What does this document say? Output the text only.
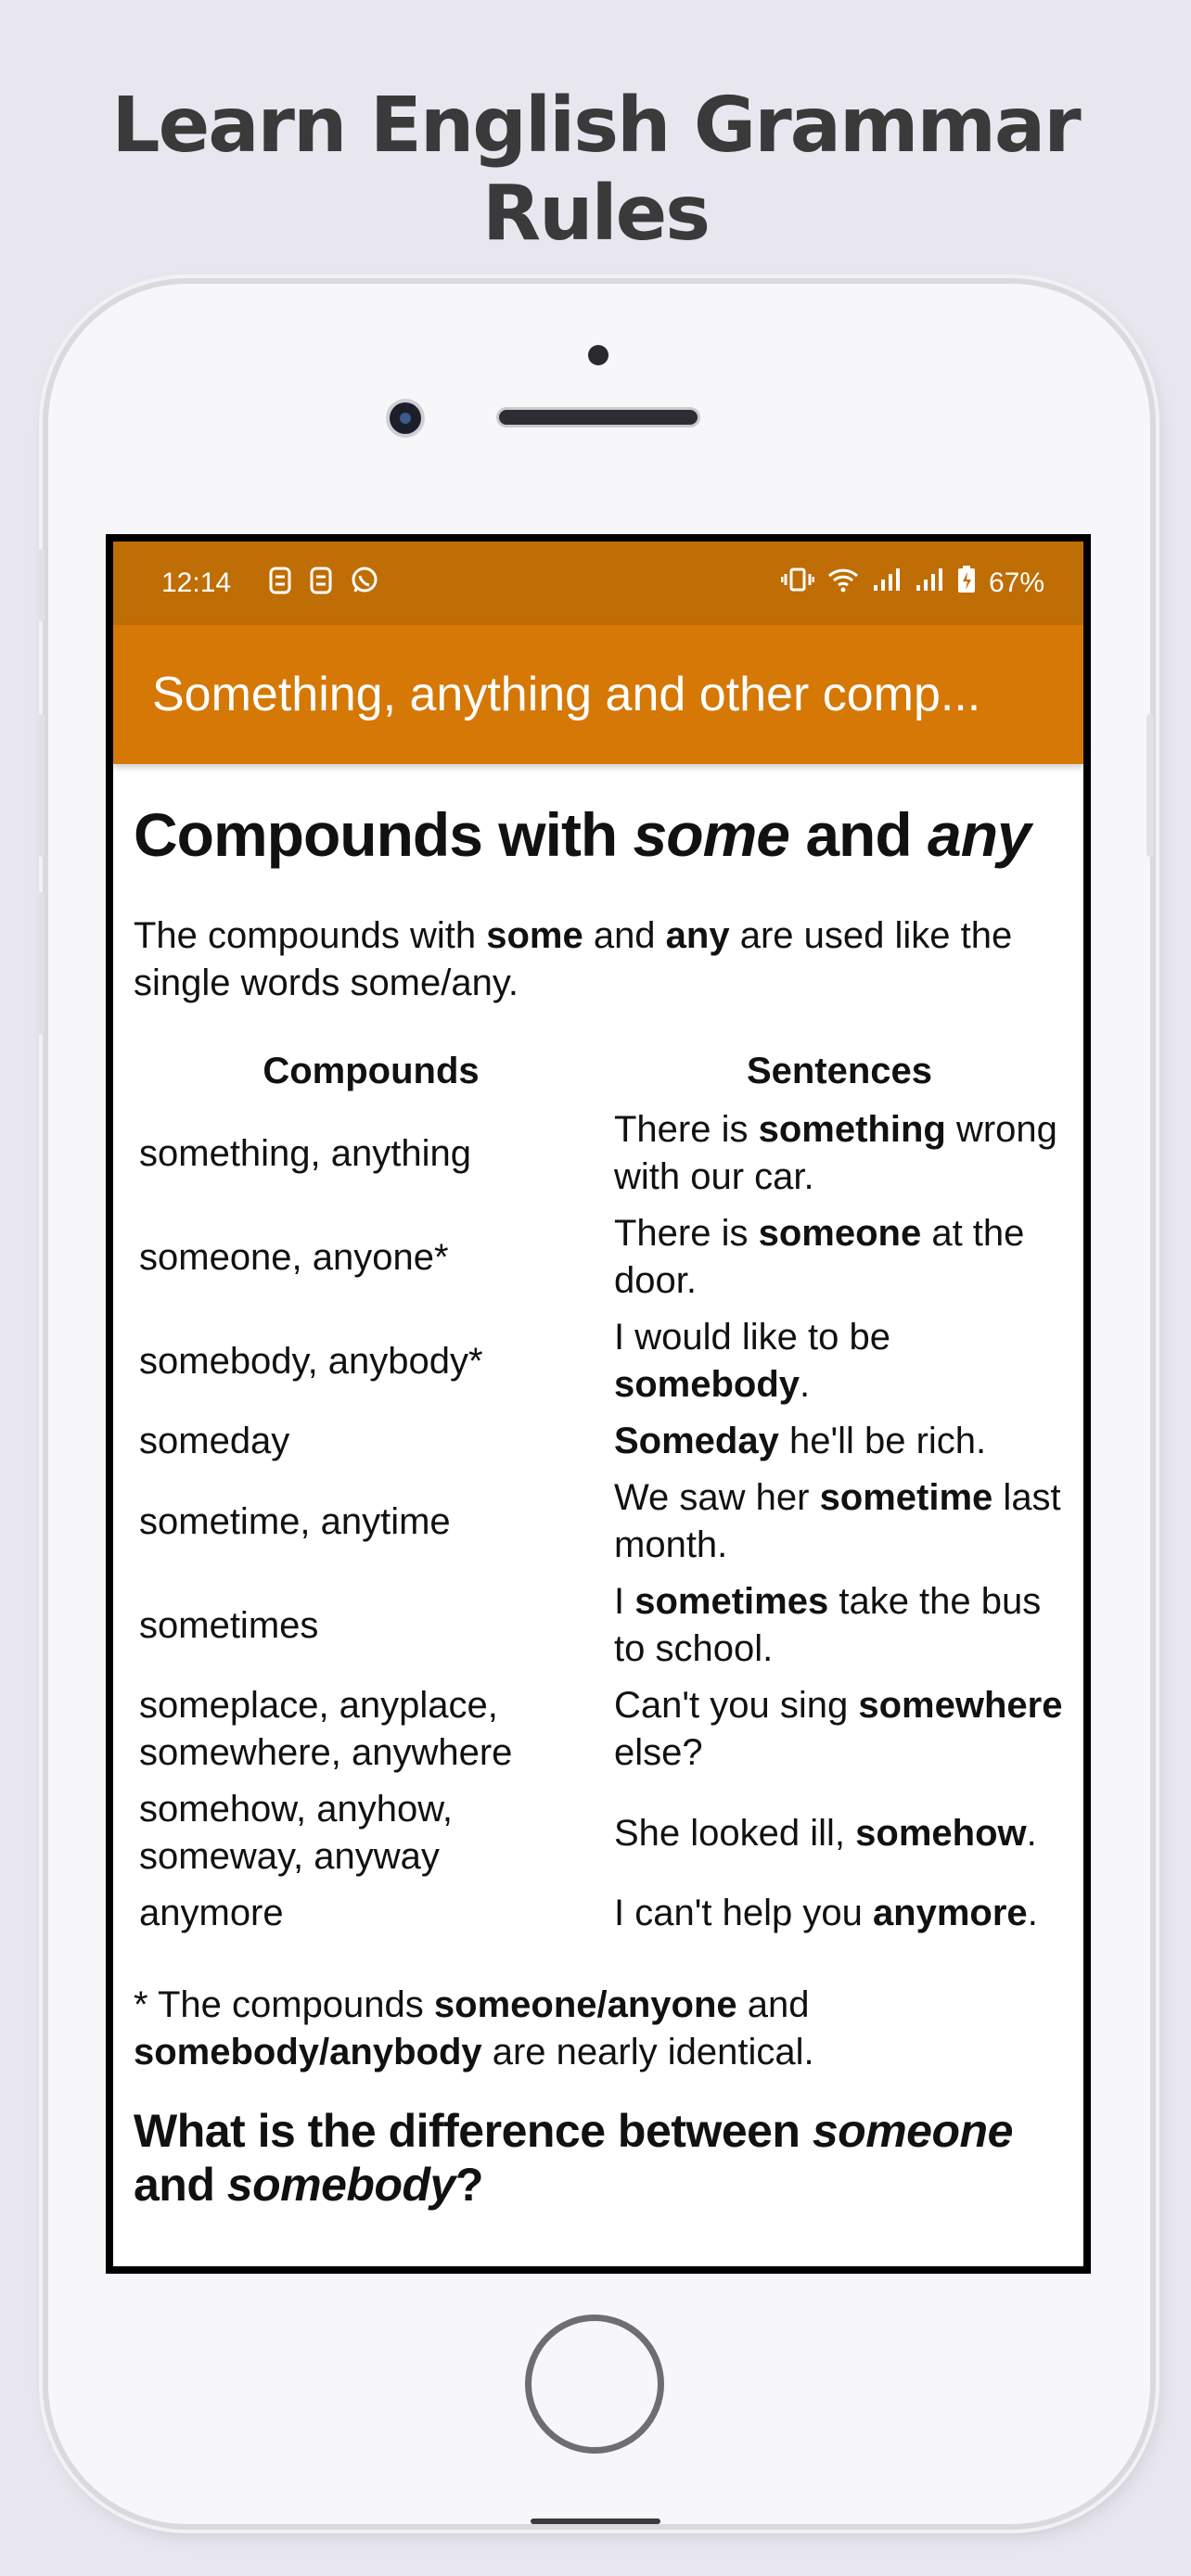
Learn English Grammar Rules
12:14	67%
Something, anything and other comp...
Compounds with some and any

The compounds with some and any are used like the single words some/any.

Compounds	Sentences
something, anything	There is something wrong with our car.
someone, anyone*	There is someone at the door.
somebody, anybody*	I would like to be somebody.
someday	Someday he'll be rich.
sometime, anytime	We saw her sometime last month.
sometimes	I sometimes take the bus to school.
someplace, anyplace, somewhere, anywhere	Can't you sing somewhere else?
somehow, anyhow, someway, anyway	She looked ill, somehow.
anymore	I can't help you anymore.

* The compounds someone/anyone and somebody/anybody are nearly identical.

What is the difference between someone and somebody?
